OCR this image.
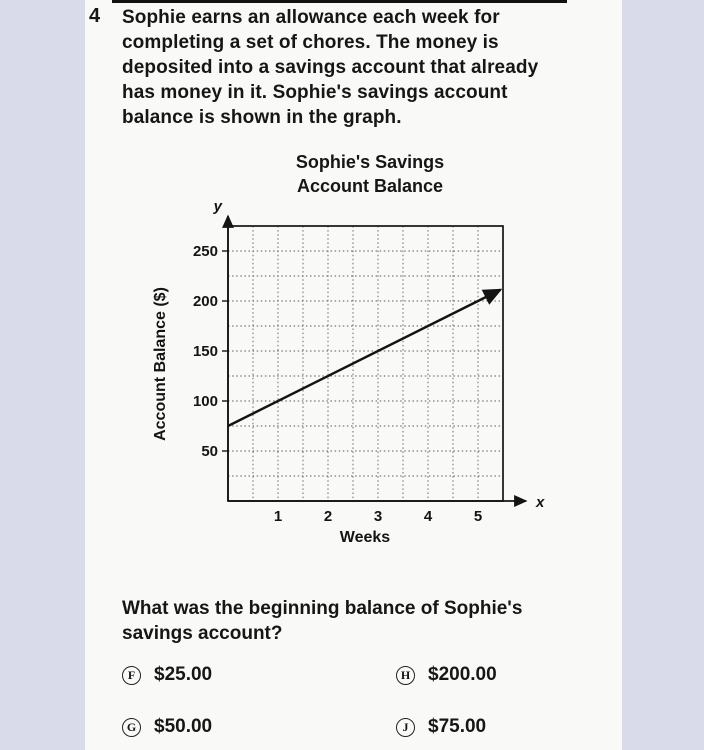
4	Sophie earns an allowance each week for completing a set of chores. The money is deposited into a savings account that already has money in it. Sophie's savings account balance is shown in the graph.
Sophie's Savings Account Balance
250
200
150
100
50
1	2	3	4	5
y
x
Account Balance ($)
Weeks
What was the beginning balance of Sophie's savings account?
F $25.00	H $200.00
G $50.00	J	$75.00
